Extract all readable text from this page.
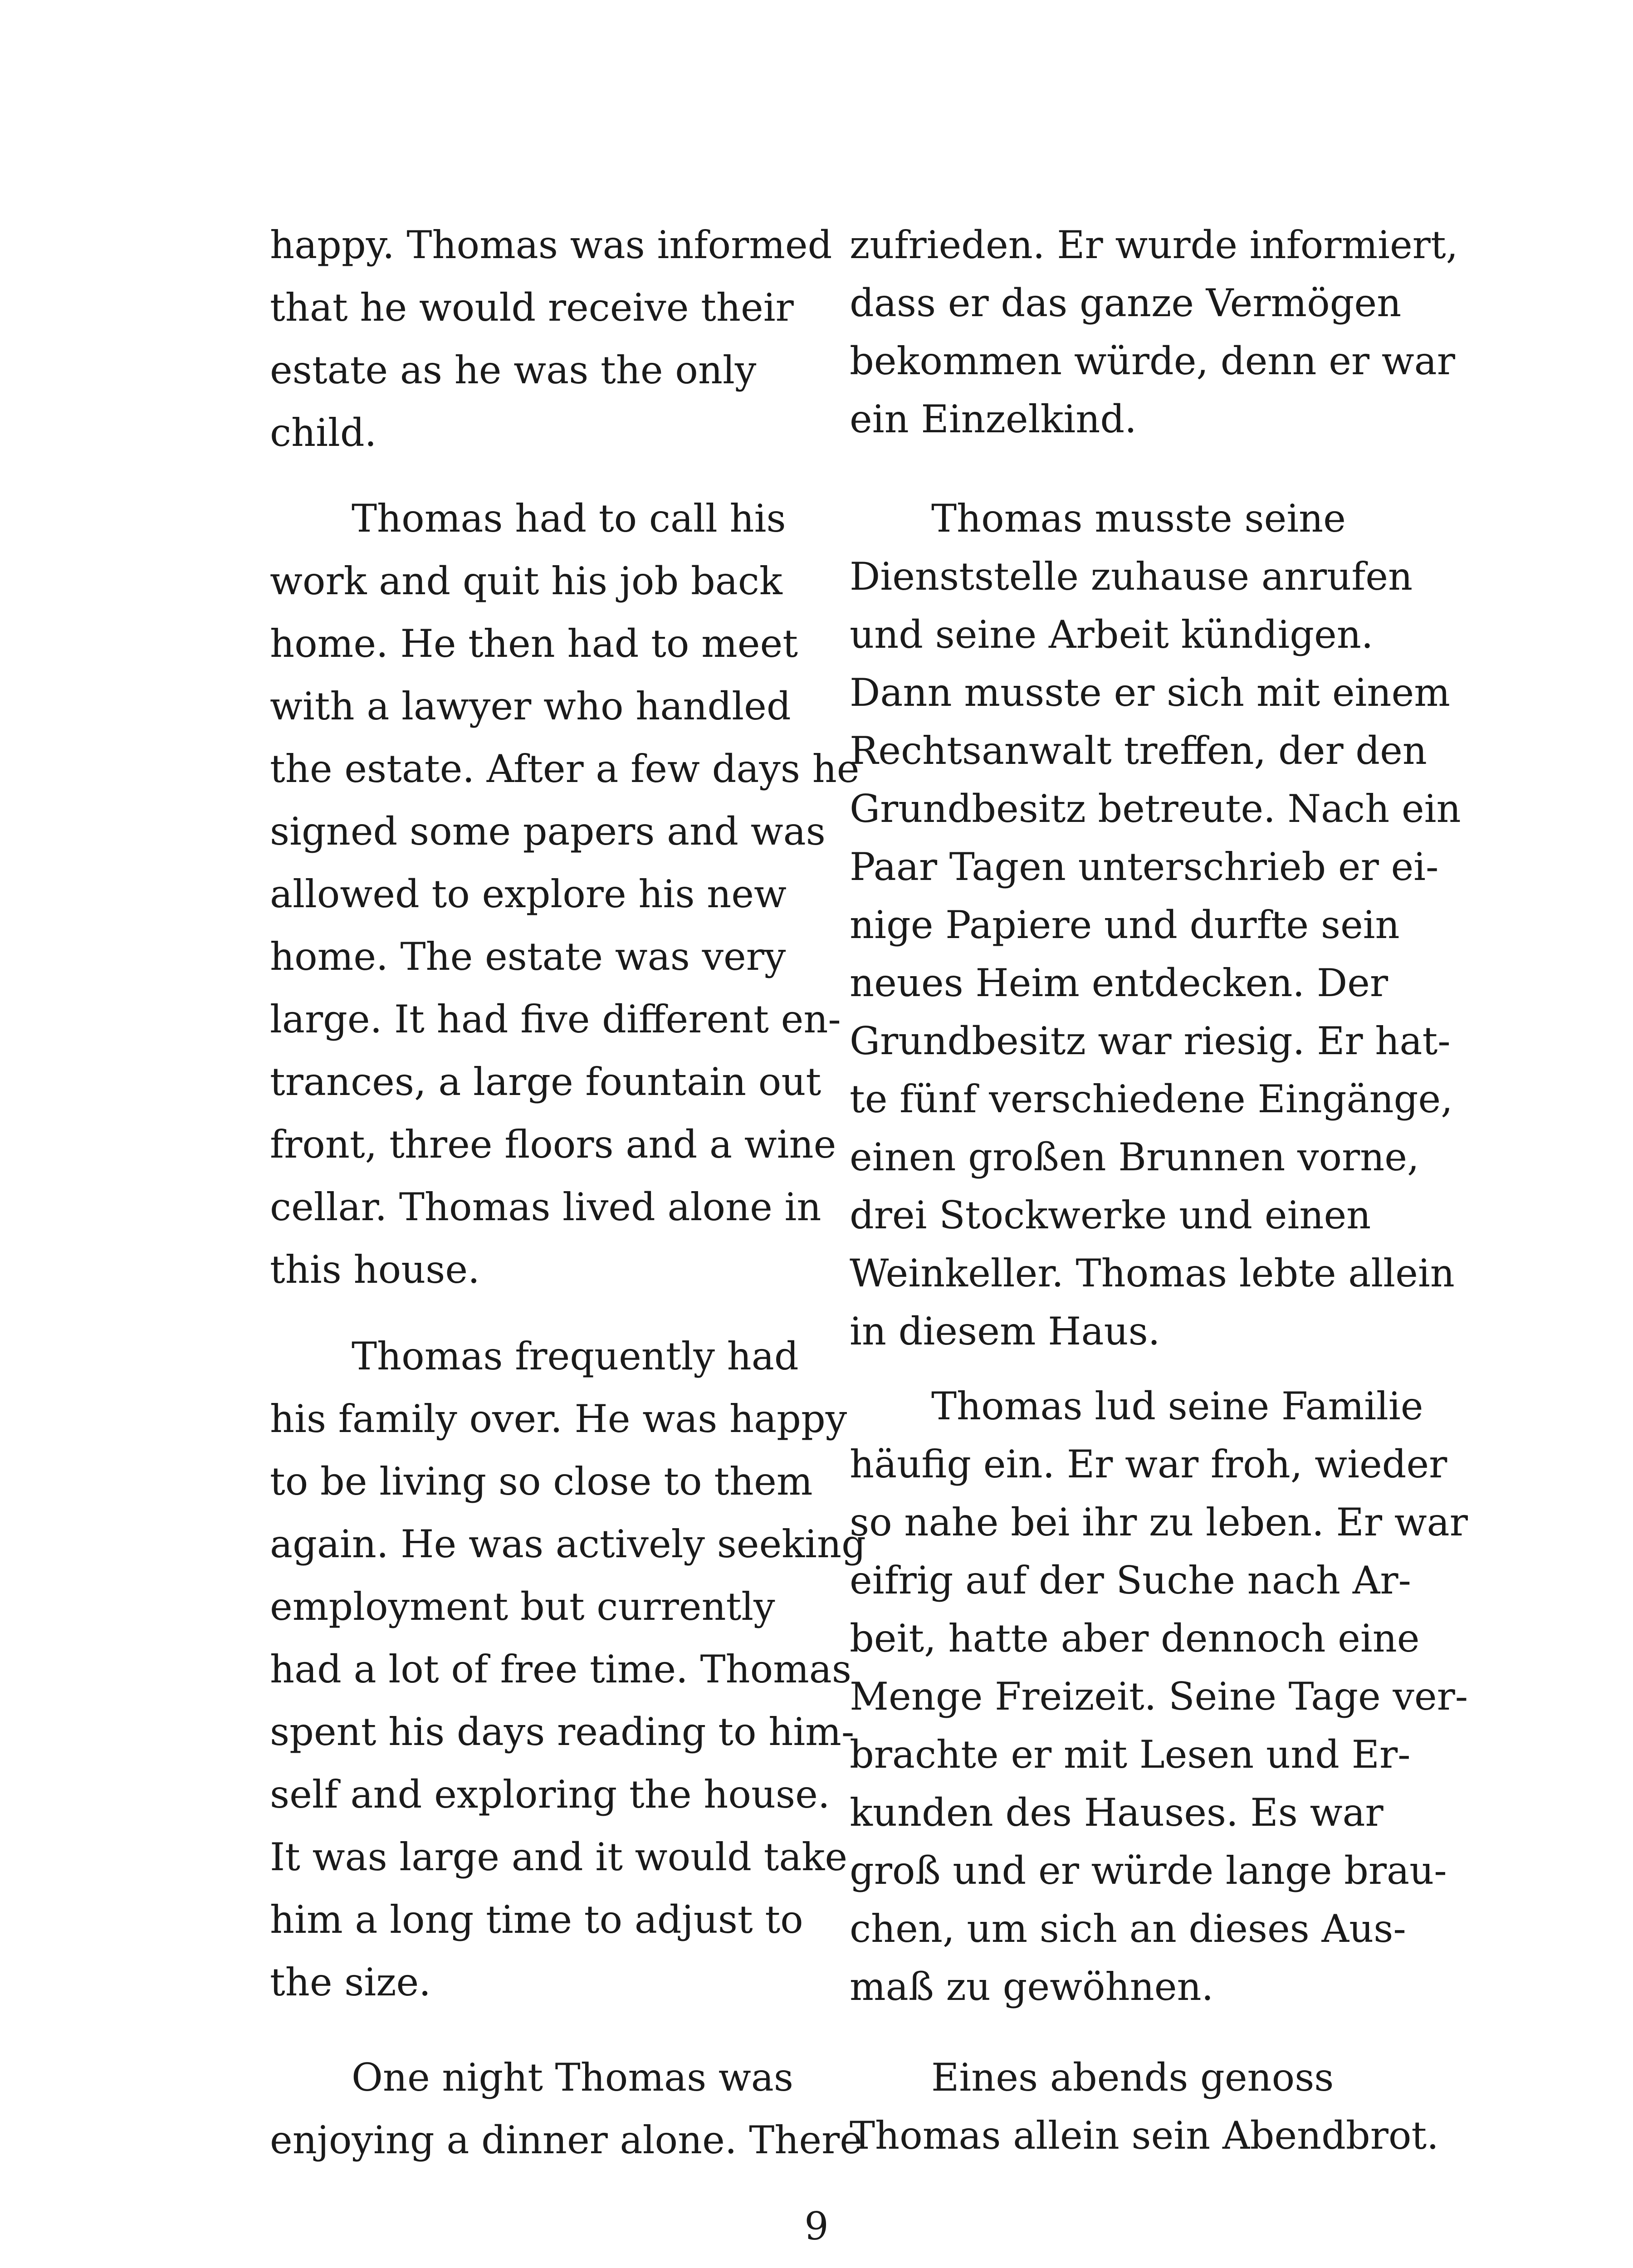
happy. Thomas was informed
that he would receive their
estate as he was the only
child.
Thomas had to call his
work and quit his job back
home. He then had to meet
with a lawyer who handled
the estate. After a few days he
signed some papers and was
allowed to explore his new
home. The estate was very
large. It had five different en-
trances, a large fountain out
front, three floors and a wine
cellar. Thomas lived alone in
this house.
Thomas frequently had
his family over. He was happy
to be living so close to them
again. He was actively seeking
employment but currently
had a lot of free time. Thomas
spent his days reading to him-
self and exploring the house.
It was large and it would take
him a long time to adjust to
the size.
One night Thomas was
enjoying a dinner alone. There
zufrieden. Er wurde informiert,
dass er das ganze Vermögen
bekommen würde, denn er war
ein Einzelkind.
Thomas musste seine
Dienststelle zuhause anrufen
und seine Arbeit kündigen.
Dann musste er sich mit einem
Rechtsanwalt treffen, der den
Grundbesitz betreute. Nach ein
Paar Tagen unterschrieb er ei-
nige Papiere und durfte sein
neues Heim entdecken. Der
Grundbesitz war riesig. Er hat-
te fünf verschiedene Eingänge,
einen großen Brunnen vorne,
drei Stockwerke und einen
Weinkeller. Thomas lebte allein
in diesem Haus.
Thomas lud seine Familie
häufig ein. Er war froh, wieder
so nahe bei ihr zu leben. Er war
eifrig auf der Suche nach Ar-
beit, hatte aber dennoch eine
Menge Freizeit. Seine Tage ver-
brachte er mit Lesen und Er-
kunden des Hauses. Es war
groß und er würde lange brau-
chen, um sich an dieses Aus-
maß zu gewöhnen.
Eines abends genoss
Thomas allein sein Abendbrot.
9
